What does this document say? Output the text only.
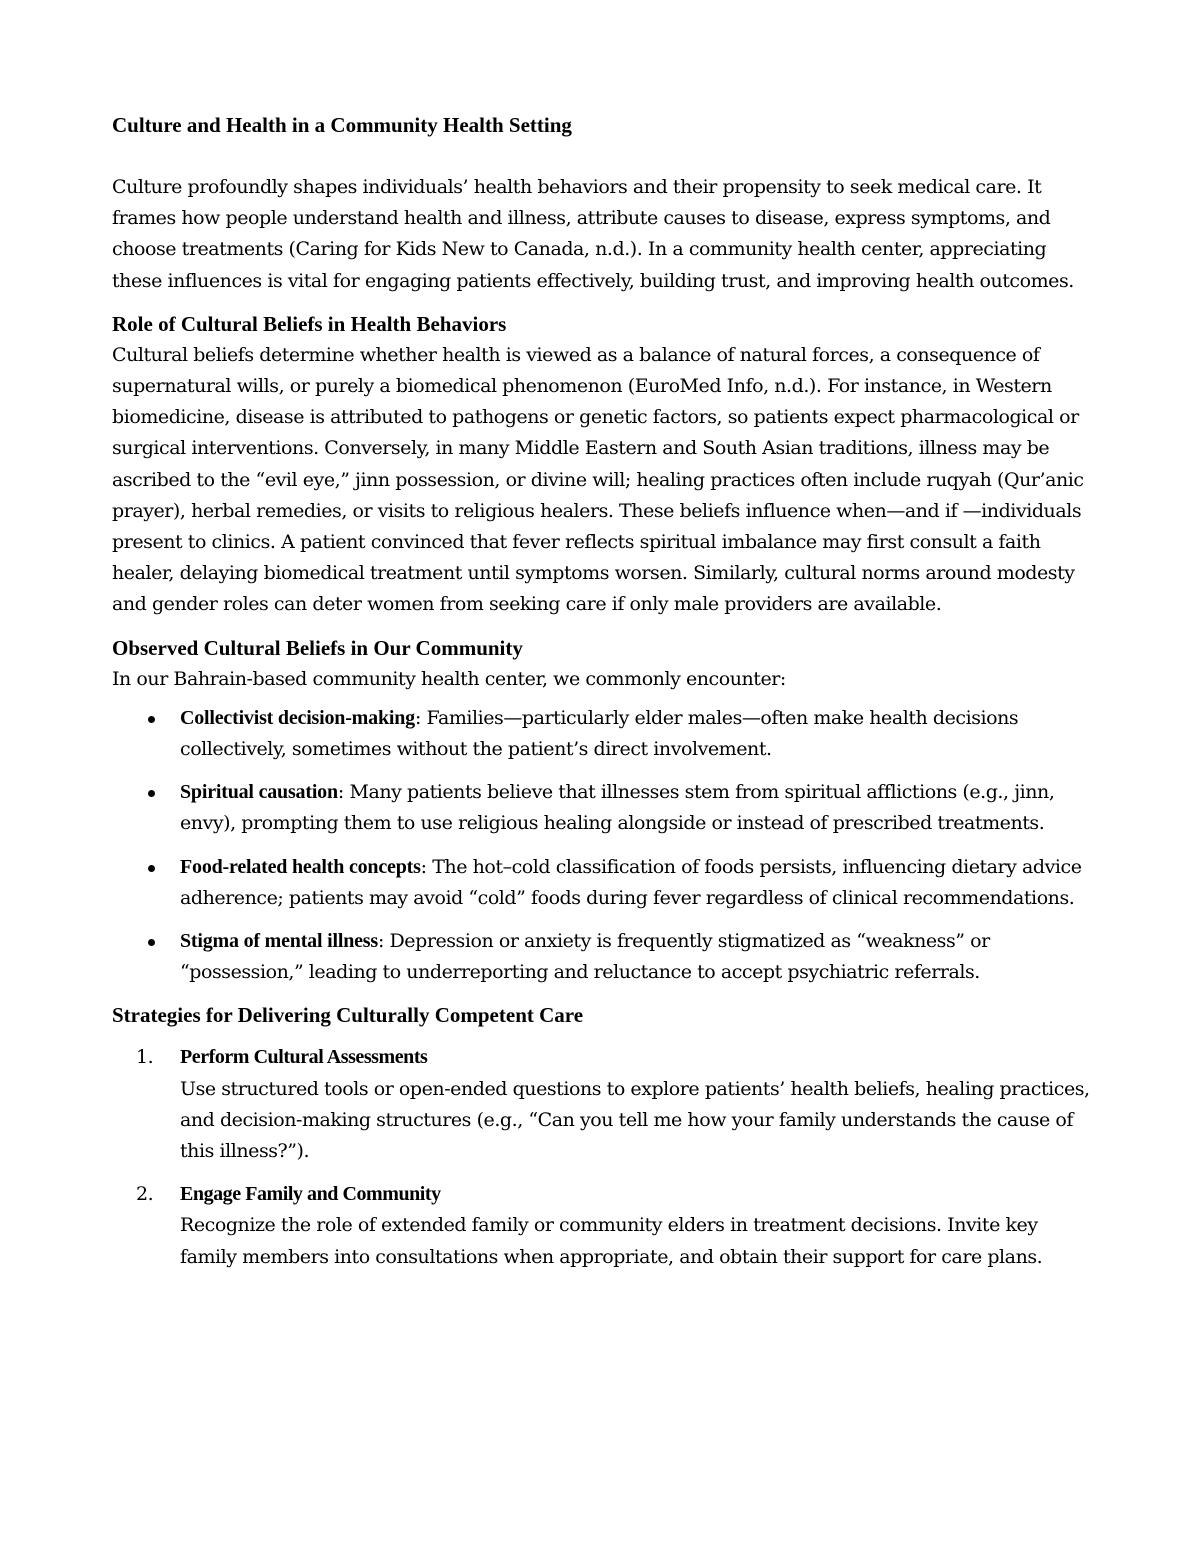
Culture and Health in a Community Health Setting

Culture profoundly shapes individuals’ health behaviors and their propensity to seek medical care. It frames how people understand health and illness, attribute causes to disease, express symptoms, and choose treatments (Caring for Kids New to Canada, n.d.). In a community health center, appreciating these influences is vital for engaging patients effectively, building trust, and improving health outcomes.

Role of Cultural Beliefs in Health Behaviors

Cultural beliefs determine whether health is viewed as a balance of natural forces, a consequence of supernatural wills, or purely a biomedical phenomenon (EuroMed Info, n.d.). For instance, in Western biomedicine, disease is attributed to pathogens or genetic factors, so patients expect pharmacological or surgical interventions. Conversely, in many Middle Eastern and South Asian traditions, illness may be ascribed to the “evil eye,” jinn possession, or divine will; healing practices often include ruqyah (Qur’anic prayer), herbal remedies, or visits to religious healers. These beliefs influence when—and if —individuals present to clinics. A patient convinced that fever reflects spiritual imbalance may first consult a faith healer, delaying biomedical treatment until symptoms worsen. Similarly, cultural norms around modesty and gender roles can deter women from seeking care if only male providers are available.

Observed Cultural Beliefs in Our Community

In our Bahrain-based community health center, we commonly encounter:

Collectivist decision-making: Families—particularly elder males—often make health decisions collectively, sometimes without the patient’s direct involvement.
Spiritual causation: Many patients believe that illnesses stem from spiritual afflictions (e.g., jinn, envy), prompting them to use religious healing alongside or instead of prescribed treatments.
Food-related health concepts: The hot–cold classification of foods persists, influencing dietary advice adherence; patients may avoid “cold” foods during fever regardless of clinical recommendations.
Stigma of mental illness: Depression or anxiety is frequently stigmatized as “weakness” or “possession,” leading to underreporting and reluctance to accept psychiatric referrals.
Strategies for Delivering Culturally Competent Care
1. Perform Cultural Assessments
Use structured tools or open-ended questions to explore patients’ health beliefs, healing practices, and decision-making structures (e.g., “Can you tell me how your family understands the cause of this illness?”).
2. Engage Family and Community
Recognize the role of extended family or community elders in treatment decisions. Invite key family members into consultations when appropriate, and obtain their support for care plans.
